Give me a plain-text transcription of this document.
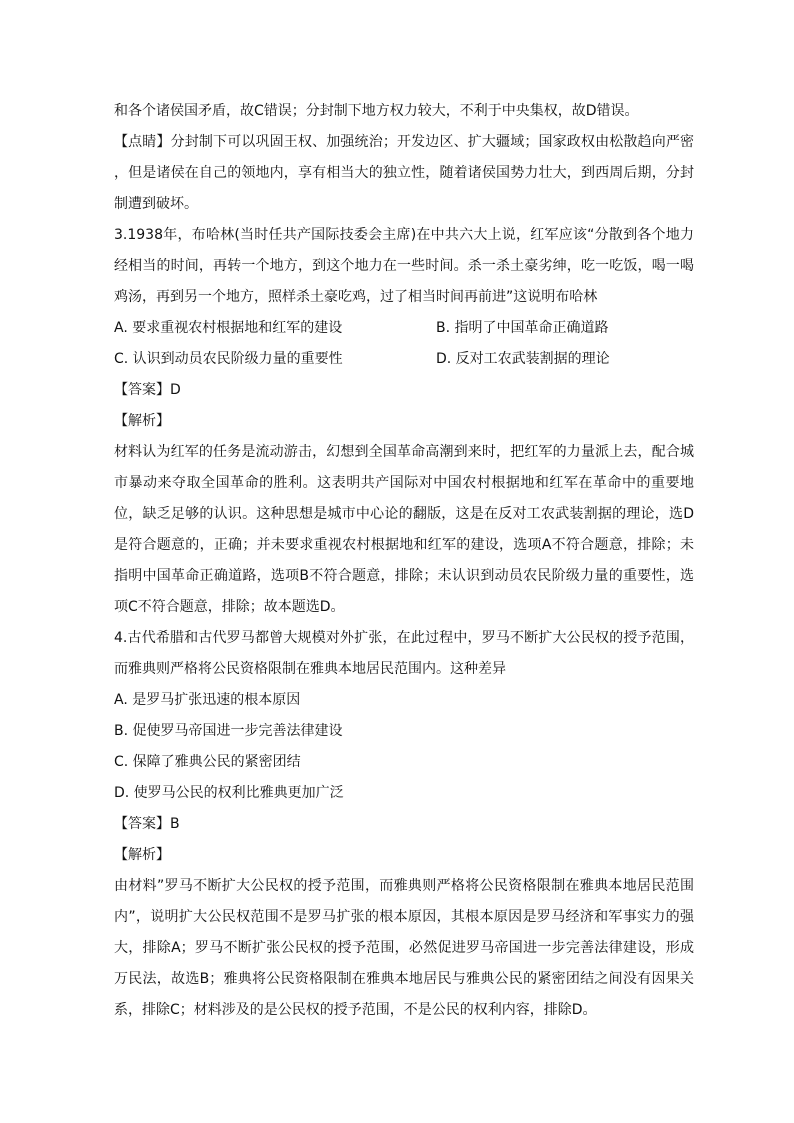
和各个诸侯国矛盾，故C错误；分封制下地方权力较大，不利于中央集权，故D错误。
【点睛】分封制下可以巩固王权、加强统治；开发边区、扩大疆域；国家政权由松散趋向严密 ，但是诸侯在自己的领地内，享有相当大的独立性，随着诸侯国势力壮大，到西周后期，分封制遭到破坏。
3.1938年，布哈林(当时任共产国际技委会主席)在中共六大上说，红军应该“分散到各个地力经相当的时间，再转一个地方，到这个地力在一些时间。杀一杀土豪劣绅，吃一吃饭，喝一喝鸡汤，再到另一个地方，照样杀土豪吃鸡，过了相当时间再前进”这说明布哈林
A. 要求重视农村根据地和红军的建设	B. 指明了中国革命正确道路
C. 认识到动员农民阶级力量的重要性	D. 反对工农武装割据的理论
【答案】D
【解析】
材料认为红军的任务是流动游击，幻想到全国革命高潮到来时，把红军的力量派上去，配合城市暴动来夺取全国革命的胜利。这表明共产国际对中国农村根据地和红军在革命中的重要地位，缺乏足够的认识。这种思想是城市中心论的翻版，这是在反对工农武装割据的理论，选D是符合题意的，正确；并未要求重视农村根据地和红军的建设，选项A不符合题意，排除；未指明中国革命正确道路，选项B不符合题意，排除；未认识到动员农民阶级力量的重要性，选项C不符合题意，排除；故本题选D。
4.古代希腊和古代罗马都曾大规模对外扩张，在此过程中，罗马不断扩大公民权的授予范围，而雅典则严格将公民资格限制在雅典本地居民范围内。这种差异
A. 是罗马扩张迅速的根本原因
B. 促使罗马帝国进一步完善法律建设
C. 保障了雅典公民的紧密团结
D. 使罗马公民的权利比雅典更加广泛
【答案】B
【解析】
由材料”罗马不断扩大公民权的授予范围，而雅典则严格将公民资格限制在雅典本地居民范围内”，说明扩大公民权范围不是罗马扩张的根本原因，其根本原因是罗马经济和军事实力的强大，排除A；罗马不断扩张公民权的授予范围，必然促进罗马帝国进一步完善法律建设，形成万民法，故选B；雅典将公民资格限制在雅典本地居民与雅典公民的紧密团结之间没有因果关系，排除C；材料涉及的是公民权的授予范围，不是公民的权利内容，排除D。
